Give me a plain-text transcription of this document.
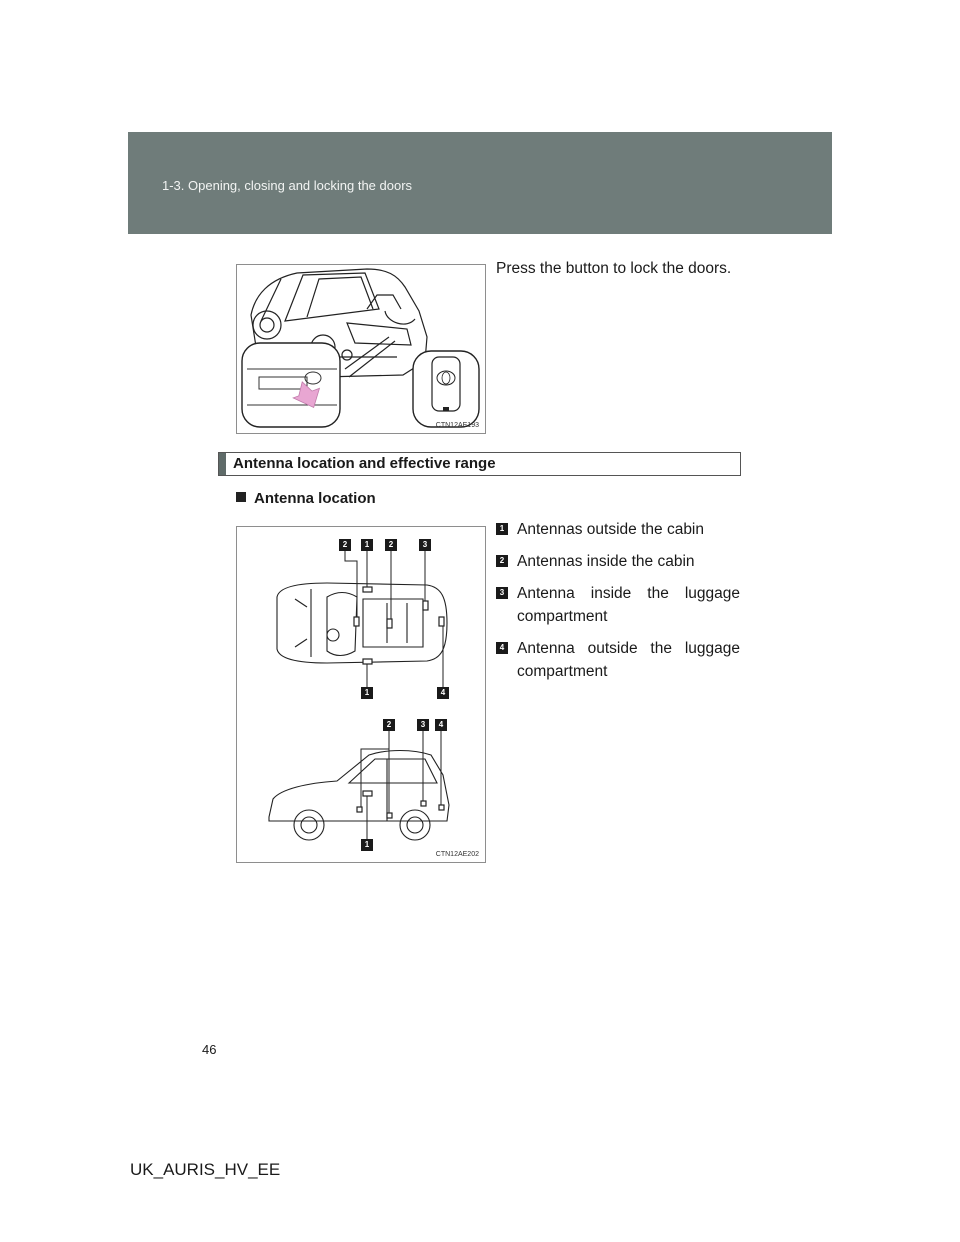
1-3. Opening, closing and locking the doors
CTN12AE193
Press the button to lock the doors.
Antenna location and effective range
Antenna location
2	1	2	3
1	4
2	3	4
1
CTN12AE202
1 Antennas outside the cabin
2 Antennas inside the cabin
3 Antenna inside the luggage compartment
4 Antenna outside the luggage compartment
46
UK_AURIS_HV_EE
